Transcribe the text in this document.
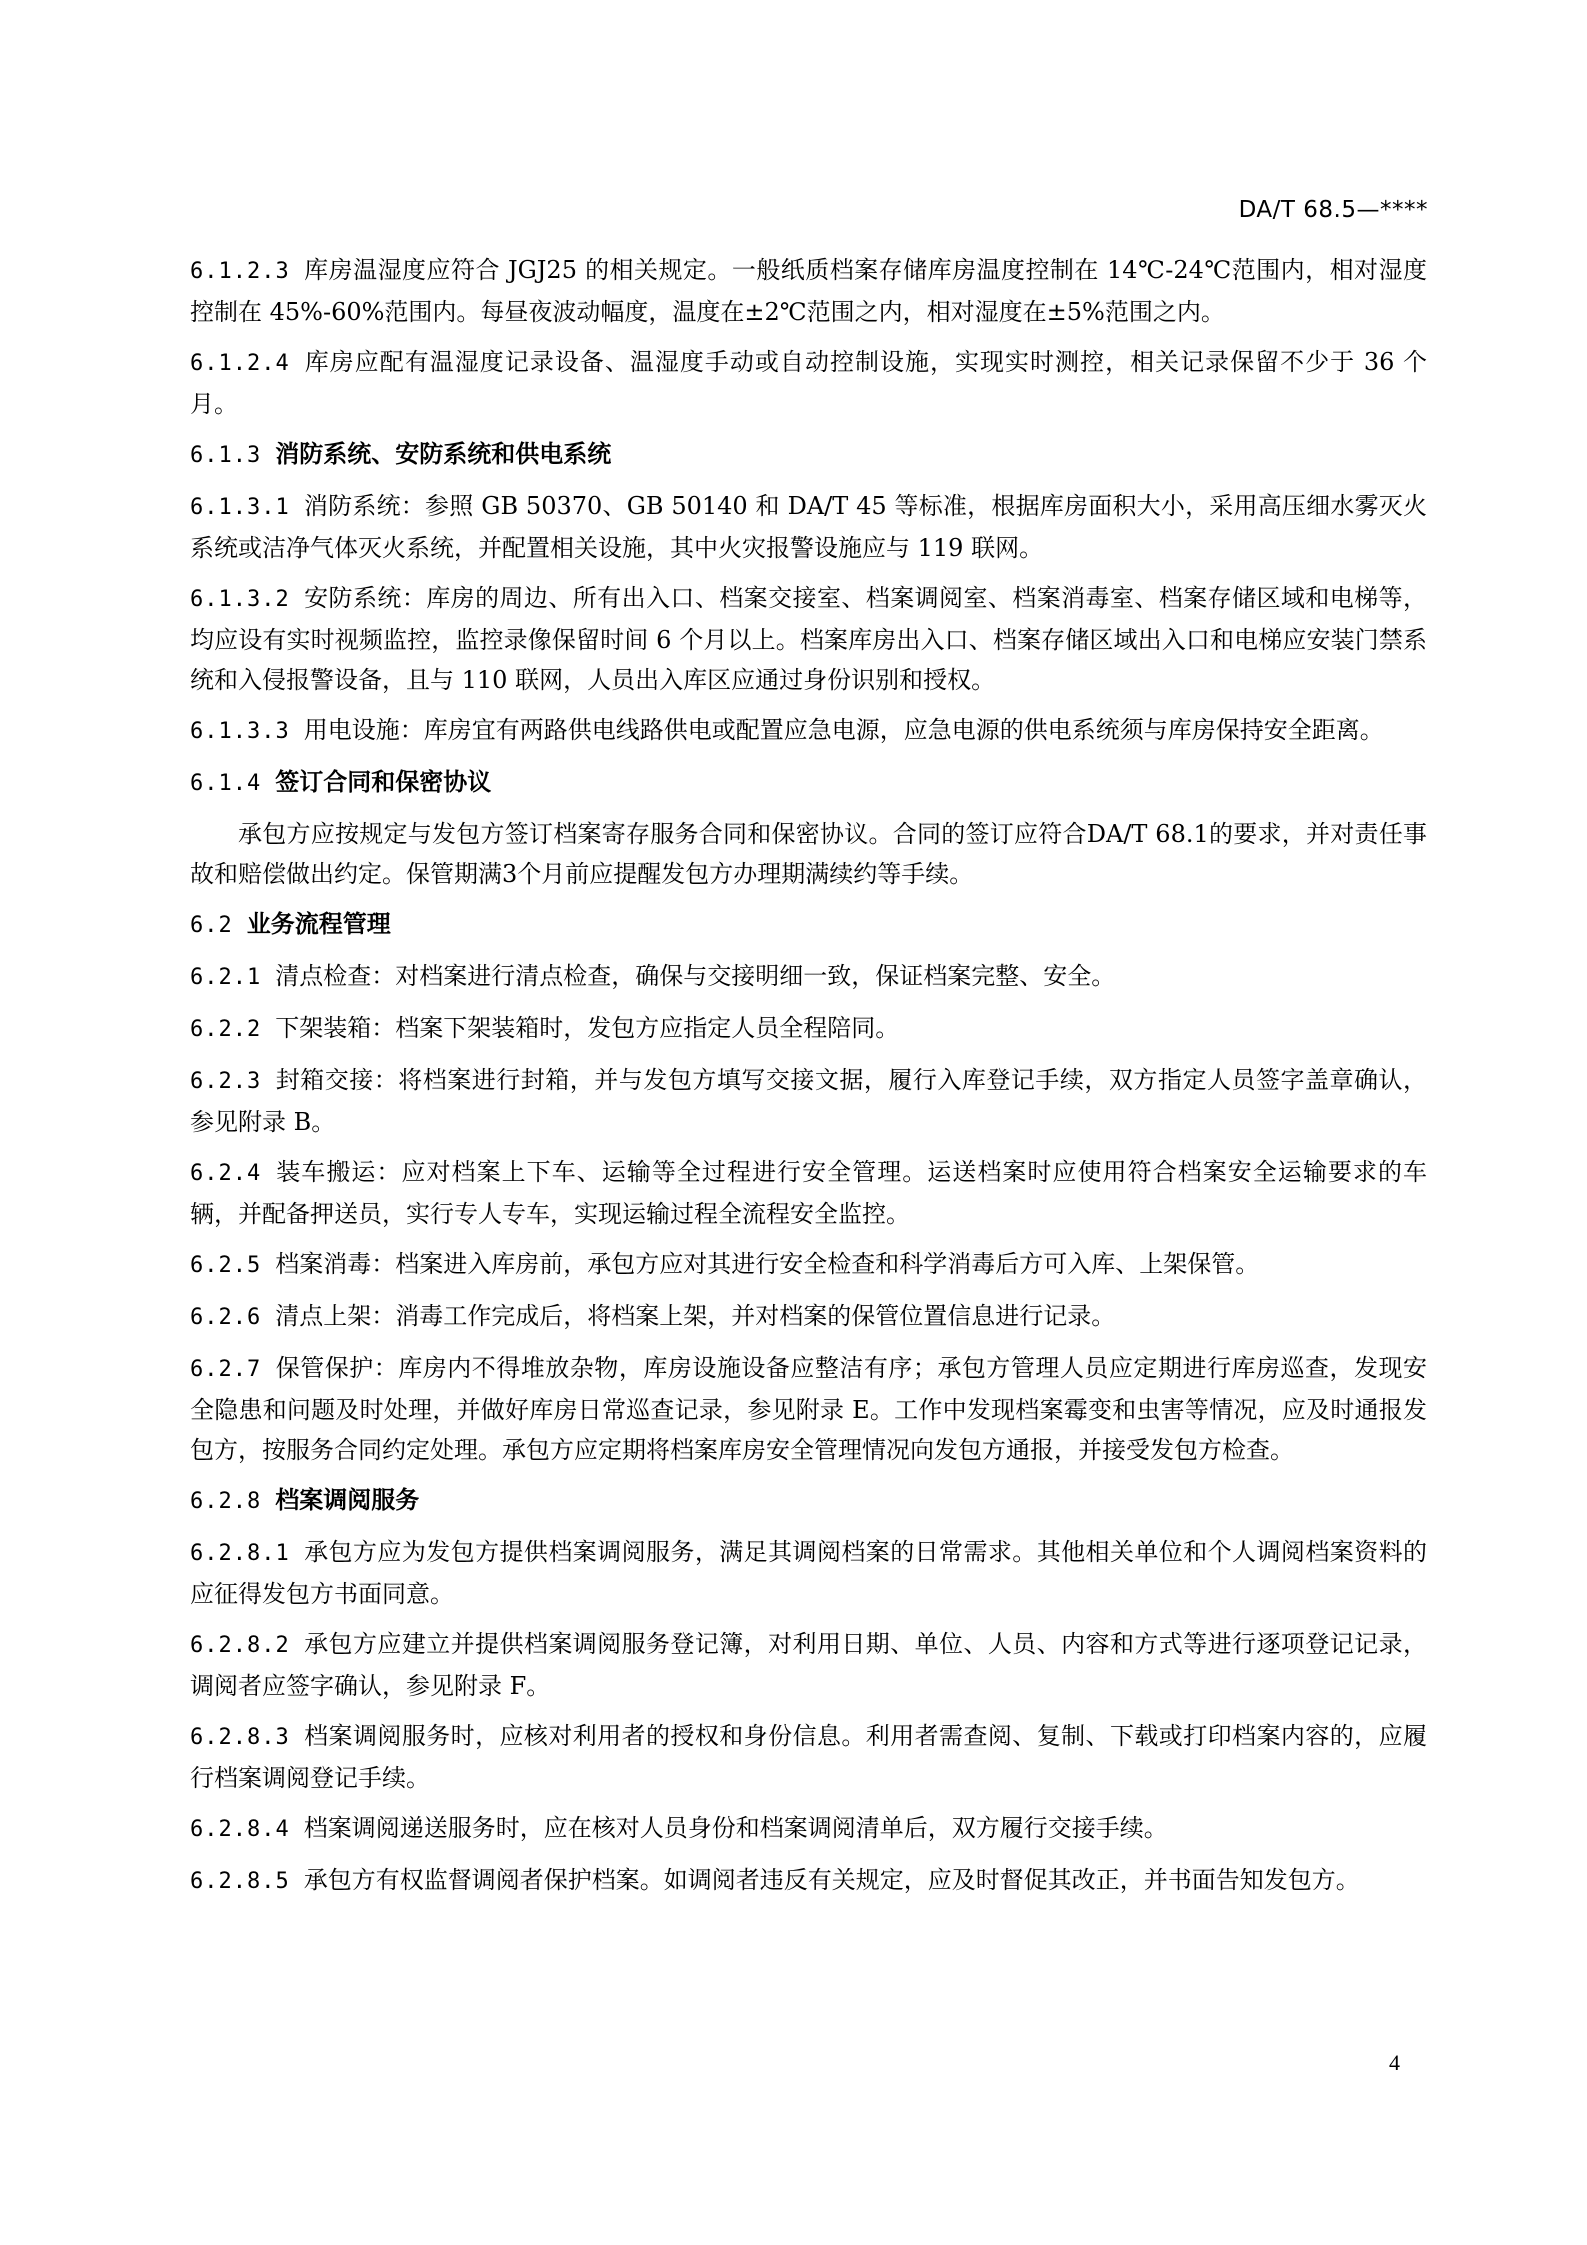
DA/T 68.5—****
6.1.2.3 库房温湿度应符合 JGJ25 的相关规定。一般纸质档案存储库房温度控制在 14℃-24℃范围内，相对湿度控制在 45%-60%范围内。每昼夜波动幅度，温度在±2℃范围之内，相对湿度在±5%范围之内。
6.1.2.4 库房应配有温湿度记录设备、温湿度手动或自动控制设施，实现实时测控，相关记录保留不少于 36 个月。
6.1.3 消防系统、安防系统和供电系统
6.1.3.1 消防系统：参照 GB 50370、GB 50140 和 DA/T 45 等标准，根据库房面积大小，采用高压细水雾灭火系统或洁净气体灭火系统，并配置相关设施，其中火灾报警设施应与 119 联网。
6.1.3.2 安防系统：库房的周边、所有出入口、档案交接室、档案调阅室、档案消毒室、档案存储区域和电梯等，均应设有实时视频监控，监控录像保留时间 6 个月以上。档案库房出入口、档案存储区域出入口和电梯应安装门禁系统和入侵报警设备，且与 110 联网，人员出入库区应通过身份识别和授权。
6.1.3.3 用电设施：库房宜有两路供电线路供电或配置应急电源，应急电源的供电系统须与库房保持安全距离。
6.1.4 签订合同和保密协议
承包方应按规定与发包方签订档案寄存服务合同和保密协议。合同的签订应符合DA/T 68.1的要求，并对责任事故和赔偿做出约定。保管期满3个月前应提醒发包方办理期满续约等手续。
6.2 业务流程管理
6.2.1 清点检查：对档案进行清点检查，确保与交接明细一致，保证档案完整、安全。
6.2.2 下架装箱：档案下架装箱时，发包方应指定人员全程陪同。
6.2.3 封箱交接：将档案进行封箱，并与发包方填写交接文据，履行入库登记手续，双方指定人员签字盖章确认，参见附录 B。
6.2.4 装车搬运：应对档案上下车、运输等全过程进行安全管理。运送档案时应使用符合档案安全运输要求的车辆，并配备押送员，实行专人专车，实现运输过程全流程安全监控。
6.2.5 档案消毒：档案进入库房前，承包方应对其进行安全检查和科学消毒后方可入库、上架保管。
6.2.6 清点上架：消毒工作完成后，将档案上架，并对档案的保管位置信息进行记录。
6.2.7 保管保护：库房内不得堆放杂物，库房设施设备应整洁有序；承包方管理人员应定期进行库房巡查，发现安全隐患和问题及时处理，并做好库房日常巡查记录，参见附录 E。工作中发现档案霉变和虫害等情况，应及时通报发包方，按服务合同约定处理。承包方应定期将档案库房安全管理情况向发包方通报，并接受发包方检查。
6.2.8 档案调阅服务
6.2.8.1 承包方应为发包方提供档案调阅服务，满足其调阅档案的日常需求。其他相关单位和个人调阅档案资料的应征得发包方书面同意。
6.2.8.2 承包方应建立并提供档案调阅服务登记簿，对利用日期、单位、人员、内容和方式等进行逐项登记记录，调阅者应签字确认，参见附录 F。
6.2.8.3 档案调阅服务时，应核对利用者的授权和身份信息。利用者需查阅、复制、下载或打印档案内容的，应履行档案调阅登记手续。
6.2.8.4 档案调阅递送服务时，应在核对人员身份和档案调阅清单后，双方履行交接手续。
6.2.8.5 承包方有权监督调阅者保护档案。如调阅者违反有关规定，应及时督促其改正，并书面告知发包方。
4
